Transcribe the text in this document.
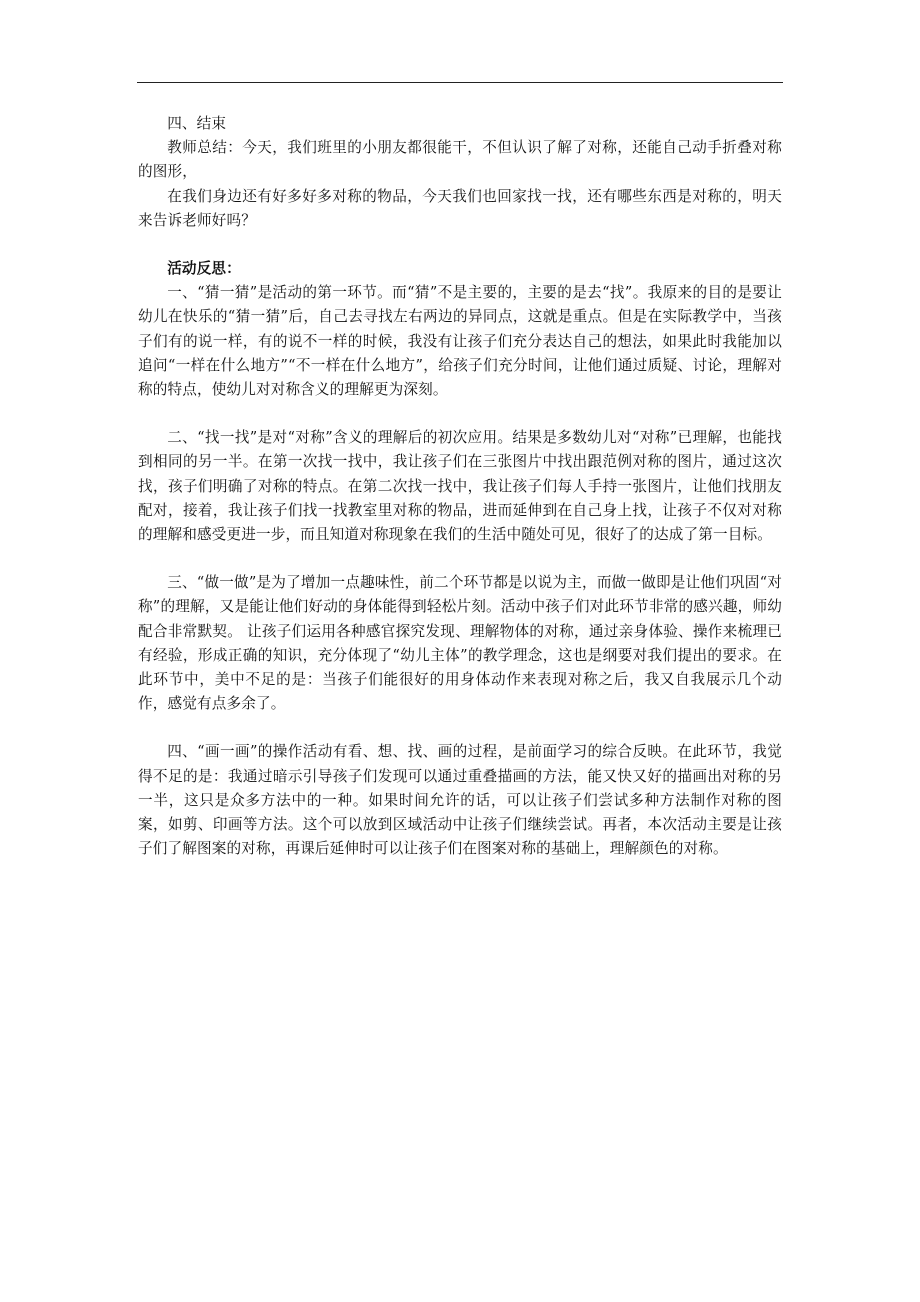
四、结束

教师总结：今天，我们班里的小朋友都很能干，不但认识了解了对称，还能自己动手折叠对称的图形，

在我们身边还有好多好多对称的物品，今天我们也回家找一找，还有哪些东西是对称的，明天来告诉老师好吗？

活动反思：

一、“猜一猜”是活动的第一环节。而“猜”不是主要的，主要的是去“找”。我原来的目的是要让幼儿在快乐的“猜一猜”后，自己去寻找左右两边的异同点，这就是重点。但是在实际教学中，当孩子们有的说一样，有的说不一样的时候，我没有让孩子们充分表达自己的想法，如果此时我能加以追问“一样在什么地方”“不一样在什么地方”，给孩子们充分时间，让他们通过质疑、讨论，理解对称的特点，使幼儿对对称含义的理解更为深刻。

二、“找一找”是对“对称”含义的理解后的初次应用。结果是多数幼儿对“对称”已理解，也能找到相同的另一半。在第一次找一找中，我让孩子们在三张图片中找出跟范例对称的图片，通过这次找，孩子们明确了对称的特点。在第二次找一找中，我让孩子们每人手持一张图片，让他们找朋友配对，接着，我让孩子们找一找教室里对称的物品，进而延伸到在自己身上找，让孩子不仅对对称的理解和感受更进一步，而且知道对称现象在我们的生活中随处可见，很好了的达成了第一目标。

三、“做一做”是为了增加一点趣味性，前二个环节都是以说为主，而做一做即是让他们巩固“对称”的理解，又是能让他们好动的身体能得到轻松片刻。活动中孩子们对此环节非常的感兴趣，师幼配合非常默契。 让孩子们运用各种感官探究发现、理解物体的对称，通过亲身体验、操作来梳理已有经验，形成正确的知识，充分体现了“幼儿主体”的教学理念，这也是纲要对我们提出的要求。在此环节中，美中不足的是：当孩子们能很好的用身体动作来表现对称之后，我又自我展示几个动作，感觉有点多余了。

四、“画一画”的操作活动有看、想、找、画的过程，是前面学习的综合反映。在此环节，我觉得不足的是：我通过暗示引导孩子们发现可以通过重叠描画的方法，能又快又好的描画出对称的另一半，这只是众多方法中的一种。如果时间允许的话，可以让孩子们尝试多种方法制作对称的图案，如剪、印画等方法。这个可以放到区域活动中让孩子们继续尝试。再者，本次活动主要是让孩子们了解图案的对称，再课后延伸时可以让孩子们在图案对称的基础上，理解颜色的对称。
